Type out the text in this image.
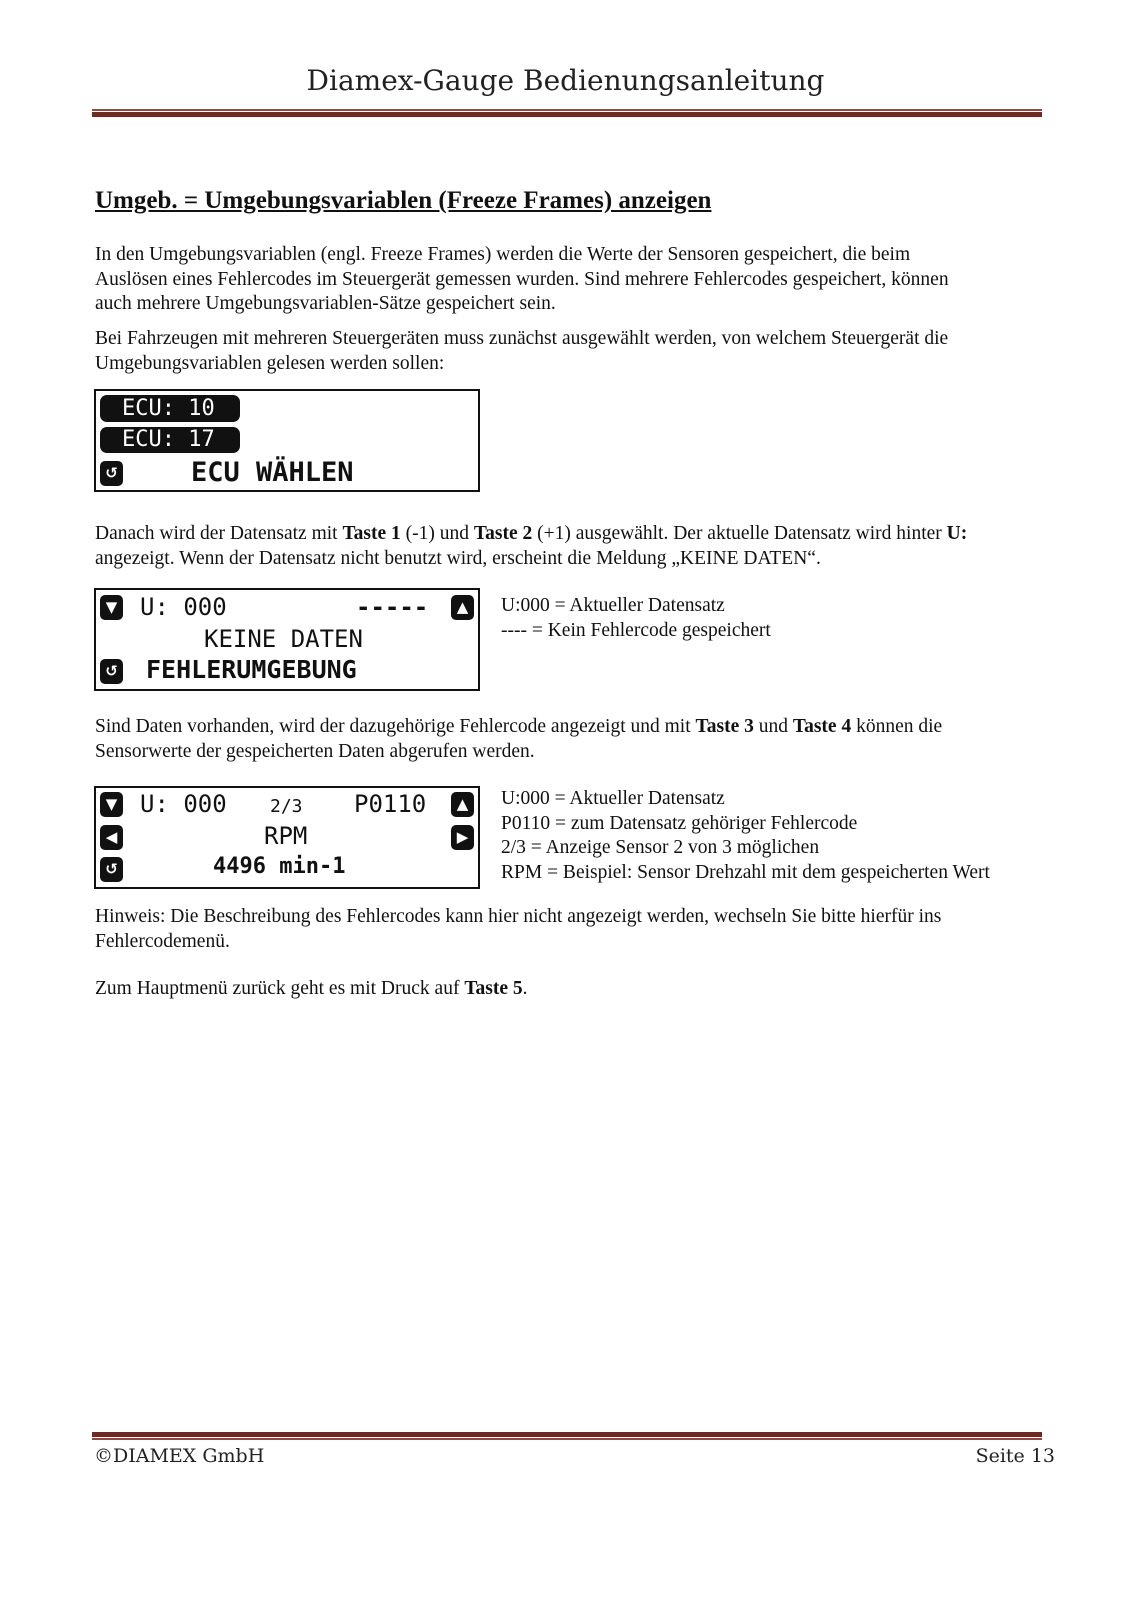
Diamex-Gauge Bedienungsanleitung
Umgeb. = Umgebungsvariablen (Freeze Frames) anzeigen
In den Umgebungsvariablen (engl. Freeze Frames) werden die Werte der Sensoren gespeichert, die beim
Auslösen eines Fehlercodes im Steuergerät gemessen wurden. Sind mehrere Fehlercodes gespeichert, können
auch mehrere Umgebungsvariablen-Sätze gespeichert sein.
Bei Fahrzeugen mit mehreren Steuergeräten muss zunächst ausgewählt werden, von welchem Steuergerät die
Umgebungsvariablen gelesen werden sollen:
ECU: 10
ECU: 17
↺	ECU WÄHLEN
Danach wird der Datensatz mit Taste 1 (-1) und Taste 2 (+1) ausgewählt. Der aktuelle Datensatz wird hinter U:
angezeigt. Wenn der Datensatz nicht benutzt wird, erscheint die Meldung „KEINE DATEN“.
▼ U: 000	-----	▲
KEINE DATEN
↺ FEHLERUMGEBUNG
U:000 = Aktueller Datensatz
---- = Kein Fehlercode gespeichert
Sind Daten vorhanden, wird der dazugehörige Fehlercode angezeigt und mit Taste 3 und Taste 4 können die
Sensorwerte der gespeicherten Daten abgerufen werden.
▼ U: 000 2/3 P0110	▲
◀	RPM	▶
↺	4496 min-1
U:000 = Aktueller Datensatz
P0110 = zum Datensatz gehöriger Fehlercode
2/3 = Anzeige Sensor 2 von 3 möglichen
RPM = Beispiel: Sensor Drehzahl mit dem gespeicherten Wert
Hinweis: Die Beschreibung des Fehlercodes kann hier nicht angezeigt werden, wechseln Sie bitte hierfür ins
Fehlercodemenü.
Zum Hauptmenü zurück geht es mit Druck auf Taste 5.
©DIAMEX GmbH	Seite 13
